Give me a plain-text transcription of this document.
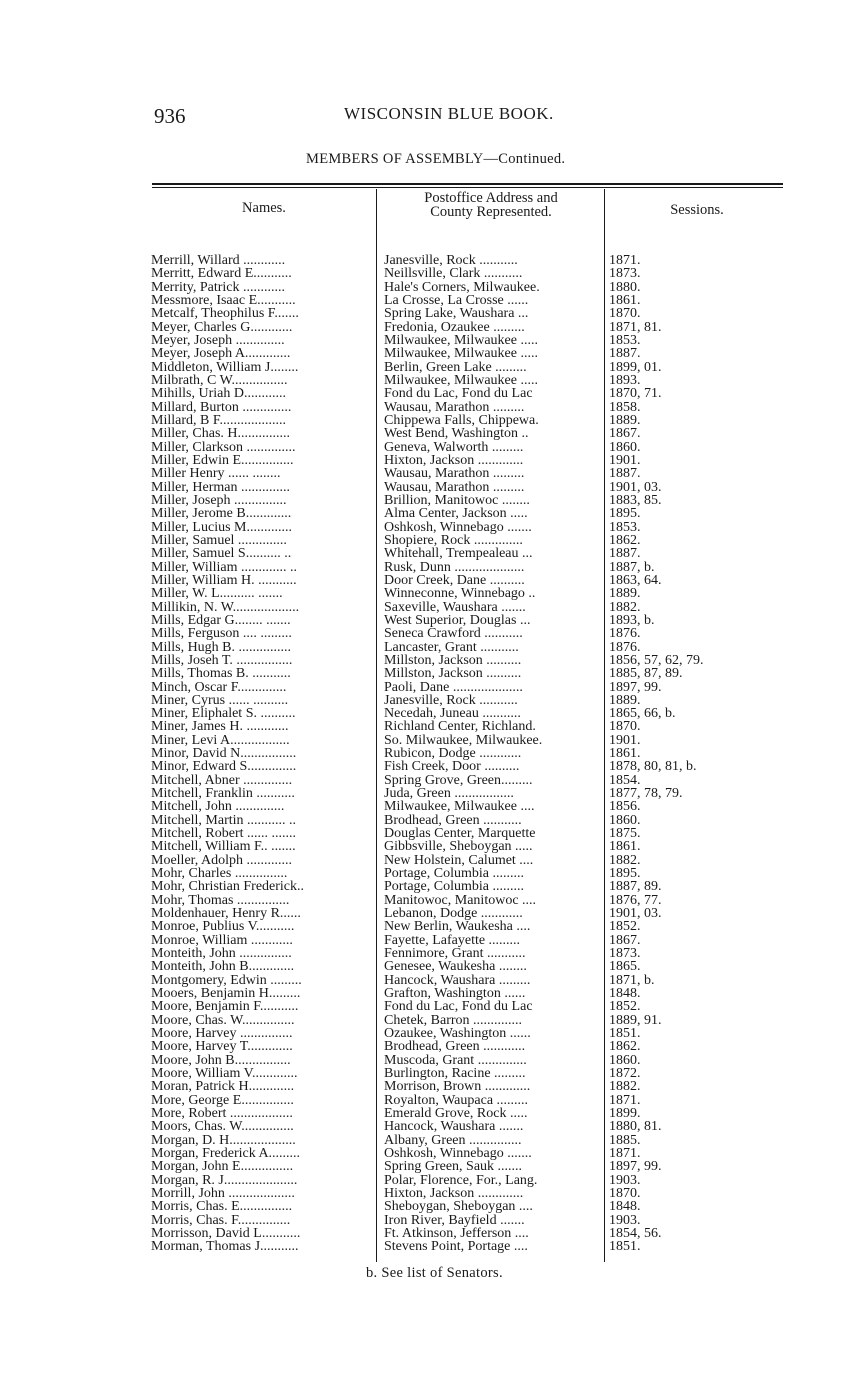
936	WISCONSIN BLUE BOOK.
MEMBERS OF ASSEMBLY—Continued.
Names.
Postoffice Address and
County Represented.	Sessions.
Merrill, Willard ............	Janesville, Rock ...........	1871.
Merritt, Edward E...........	Neillsville, Clark ...........	1873.
Merrity, Patrick ............	Hale's Corners, Milwaukee.	1880.
Messmore, Isaac E...........	La Crosse, La Crosse ......	1861.
Metcalf, Theophilus F.......	Spring Lake, Waushara ...	1870.
Meyer, Charles G............	Fredonia, Ozaukee .........	1871, 81.
Meyer, Joseph ..............	Milwaukee, Milwaukee .....	1853.
Meyer, Joseph A.............	Milwaukee, Milwaukee .....	1887.
Middleton, William J........	Berlin, Green Lake .........	1899, 01.
Milbrath, C W................	Milwaukee, Milwaukee .....	1893.
Mihills, Uriah D............	Fond du Lac, Fond du Lac	1870, 71.
Millard, Burton ..............	Wausau, Marathon .........	1858.
Millard, B F...................	Chippewa Falls, Chippewa.	1889.
Miller, Chas. H...............	West Bend, Washington ..	1867.
Miller, Clarkson ..............	Geneva, Walworth .........	1860.
Miller, Edwin E...............	Hixton, Jackson .............	1901.
Miller Henry ...... ........	Wausau, Marathon .........	1887.
Miller, Herman ..............	Wausau, Marathon .........	1901, 03.
Miller, Joseph ...............	Brillion, Manitowoc ........	1883, 85.
Miller, Jerome B.............	Alma Center, Jackson .....	1895.
Miller, Lucius M.............	Oshkosh, Winnebago .......	1853.
Miller, Samuel ..............	Shopiere, Rock ..............	1862.
Miller, Samuel S.......... ..	Whitehall, Trempealeau ...	1887.
Miller, William ............. ..	Rusk, Dunn ....................	1887, b.
Miller, William H. ...........	Door Creek, Dane ..........	1863, 64.
Miller, W. L.......... .......	Winneconne, Winnebago ..	1889.
Millikin, N. W...................	Saxeville, Waushara .......	1882.
Mills, Edgar G........ .......	West Superior, Douglas ...	1893, b.
Mills, Ferguson .... .........	Seneca Crawford ...........	1876.
Mills, Hugh B. ...............	Lancaster, Grant ...........	1876.
Mills, Joseh T. ................	Millston, Jackson ..........	1856, 57, 62, 79.
Mills, Thomas B. ...........	Millston, Jackson ..........	1885, 87, 89.
Minch, Oscar F..............	Paoli, Dane ....................	1897, 99.
Miner, Cyrus ...... ..........	Janesville, Rock ...........	1889.
Miner, Eliphalet S. ..........	Necedah, Juneau ...........	1865, 66, b.
Miner, James H. ............	Richland Center, Richland.	1870.
Miner, Levi A.................	So. Milwaukee, Milwaukee.	1901.
Minor, David N................	Rubicon, Dodge ............	1861.
Minor, Edward S..............	Fish Creek, Door ..........	1878, 80, 81, b.
Mitchell, Abner ..............	Spring Grove, Green.........	1854.
Mitchell, Franklin ...........	Juda, Green .................	1877, 78, 79.
Mitchell, John ..............	Milwaukee, Milwaukee ....	1856.
Mitchell, Martin ........... ..	Brodhead, Green ...........	1860.
Mitchell, Robert ...... .......	Douglas Center, Marquette	1875.
Mitchell, William F.. .......	Gibbsville, Sheboygan .....	1861.
Moeller, Adolph .............	New Holstein, Calumet ....	1882.
Mohr, Charles ...............	Portage, Columbia .........	1895.
Mohr, Christian Frederick..	Portage, Columbia .........	1887, 89.
Mohr, Thomas ...............	Manitowoc, Manitowoc ....	1876, 77.
Moldenhauer, Henry R......	Lebanon, Dodge ............	1901, 03.
Monroe, Publius V...........	New Berlin, Waukesha ....	1852.
Monroe, William ............	Fayette, Lafayette .........	1867.
Monteith, John ...............	Fennimore, Grant ...........	1873.
Monteith, John B.............	Genesee, Waukesha ........	1865.
Montgomery, Edwin .........	Hancock, Waushara .........	1871, b.
Mooers, Benjamin H.........	Grafton, Washington ......	1848.
Moore, Benjamin F...........	Fond du Lac, Fond du Lac	1852.
Moore, Chas. W...............	Chetek, Barron ..............	1889, 91.
Moore, Harvey ...............	Ozaukee, Washington ......	1851.
Moore, Harvey T.............	Brodhead, Green ............	1862.
Moore, John B................	Muscoda, Grant ..............	1860.
Moore, William V.............	Burlington, Racine .........	1872.
Moran, Patrick H.............	Morrison, Brown .............	1882.
More, George E...............	Royalton, Waupaca .........	1871.
More, Robert ..................	Emerald Grove, Rock .....	1899.
Moors, Chas. W...............	Hancock, Waushara .......	1880, 81.
Morgan, D. H...................	Albany, Green ...............	1885.
Morgan, Frederick A.........	Oshkosh, Winnebago .......	1871.
Morgan, John E...............	Spring Green, Sauk .......	1897, 99.
Morgan, R. J.....................	Polar, Florence, For., Lang.	1903.
Morrill, John ...................	Hixton, Jackson .............	1870.
Morris, Chas. E...............	Sheboygan, Sheboygan ....	1848.
Morris, Chas. F...............	Iron River, Bayfield .......	1903.
Morrisson, David L...........	Ft. Atkinson, Jefferson ....	1854, 56.
Morman, Thomas J...........	Stevens Point, Portage ....	1851.
b. See list of Senators.
